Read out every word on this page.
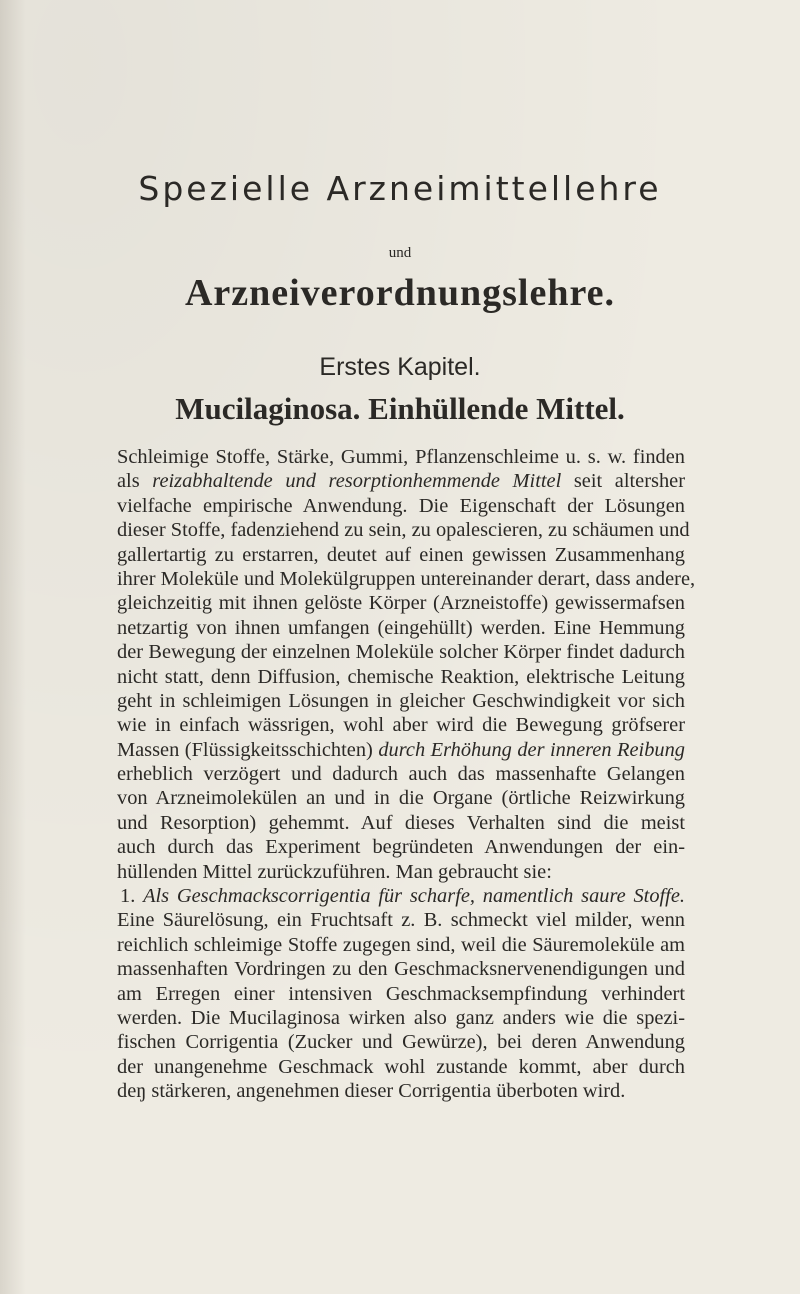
Spezielle Arzneimittellehre
und
Arzneiverordnungslehre.
Erstes Kapitel.
Mucilaginosa. Einhüllende Mittel.
Schleimige Stoffe, Stärke, Gummi, Pflanzenschleime u. s. w. finden
als reizabhaltende und resorptionhemmende Mittel seit altersher
vielfache empirische Anwendung. Die Eigenschaft der Lösungen
dieser Stoffe, fadenziehend zu sein, zu opalescieren, zu schäumen und
gallertartig zu erstarren, deutet auf einen gewissen Zusammenhang
ihrer Moleküle und Molekülgruppen untereinander derart, dass andere,
gleichzeitig mit ihnen gelöste Körper (Arzneistoffe) gewissermafsen
netzartig von ihnen umfangen (eingehüllt) werden. Eine Hemmung
der Bewegung der einzelnen Moleküle solcher Körper findet dadurch
nicht statt, denn Diffusion, chemische Reaktion, elektrische Leitung
geht in schleimigen Lösungen in gleicher Geschwindigkeit vor sich
wie in einfach wässrigen, wohl aber wird die Bewegung gröfserer
Massen (Flüssigkeitsschichten) durch Erhöhung der inneren Reibung
erheblich verzögert und dadurch auch das massenhafte Gelangen
von Arzneimolekülen an und in die Organe (örtliche Reizwirkung
und Resorption) gehemmt. Auf dieses Verhalten sind die meist
auch durch das Experiment begründeten Anwendungen der ein-
hüllenden Mittel zurückzuführen. Man gebraucht sie:
1. Als Geschmackscorrigentia für scharfe, namentlich saure Stoffe.
Eine Säurelösung, ein Fruchtsaft z. B. schmeckt viel milder, wenn
reichlich schleimige Stoffe zugegen sind, weil die Säuremoleküle am
massenhaften Vordringen zu den Geschmacksnervenendigungen und
am Erregen einer intensiven Geschmacksempfindung verhindert
werden. Die Mucilaginosa wirken also ganz anders wie die spezi-
fischen Corrigentia (Zucker und Gewürze), bei deren Anwendung
der unangenehme Geschmack wohl zustande kommt, aber durch
deŋ stärkeren, angenehmen dieser Corrigentia überboten wird.
